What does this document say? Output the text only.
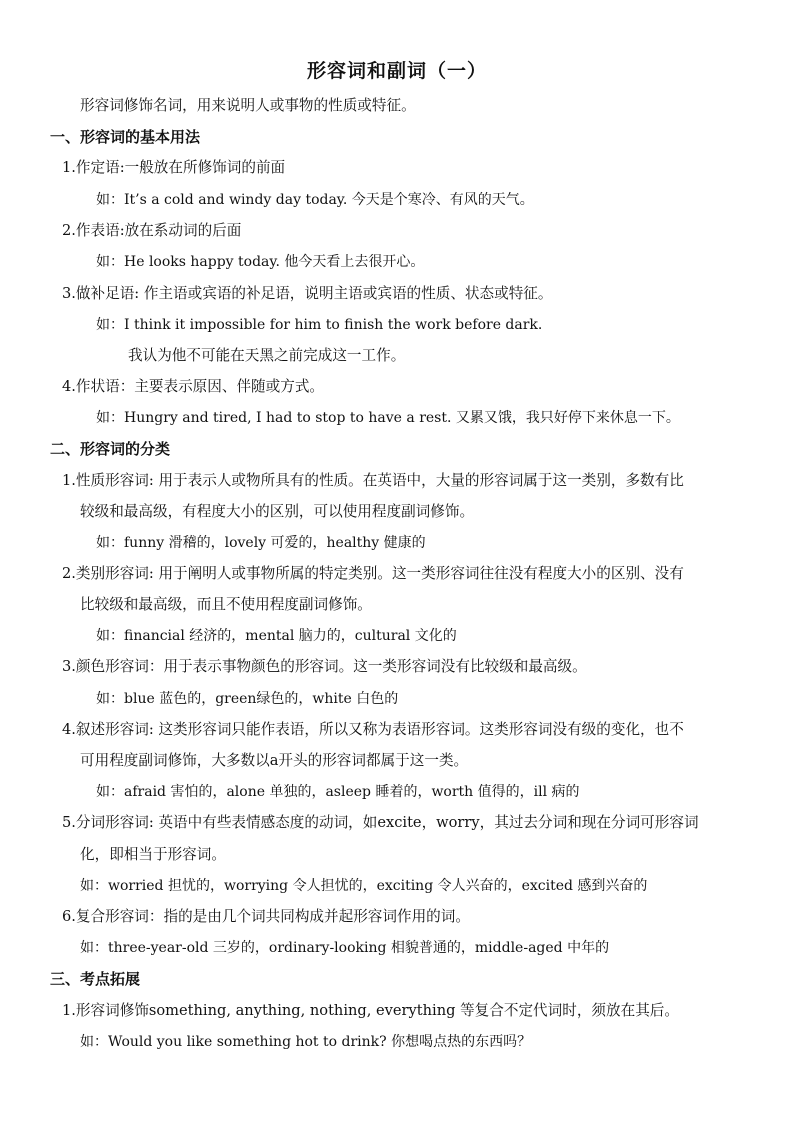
形容词和副词（一）
形容词修饰名词，用来说明人或事物的性质或特征。
一、形容词的基本用法
1.作定语:一般放在所修饰词的前面
如：It’s a cold and windy day today. 今天是个寒冷、有风的天气。
2.作表语:放在系动词的后面
如：He looks happy today. 他今天看上去很开心。
3.做补足语: 作主语或宾语的补足语，说明主语或宾语的性质、状态或特征。
如：I think it impossible for him to finish the work before dark.
我认为他不可能在天黑之前完成这一工作。
4.作状语：主要表示原因、伴随或方式。
如：Hungry and tired, I had to stop to have a rest. 又累又饿，我只好停下来休息一下。
二、形容词的分类
1.性质形容词: 用于表示人或物所具有的性质。在英语中，大量的形容词属于这一类别，多数有比
较级和最高级，有程度大小的区别，可以使用程度副词修饰。
如：funny 滑稽的，lovely 可爱的，healthy 健康的
2.类别形容词: 用于阐明人或事物所属的特定类别。这一类形容词往往没有程度大小的区别、没有
比较级和最高级，而且不使用程度副词修饰。
如：financial 经济的，mental 脑力的，cultural 文化的
3.颜色形容词：用于表示事物颜色的形容词。这一类形容词没有比较级和最高级。
如：blue 蓝色的，green绿色的，white 白色的
4.叙述形容词: 这类形容词只能作表语，所以又称为表语形容词。这类形容词没有级的变化，也不
可用程度副词修饰，大多数以a开头的形容词都属于这一类。
如：afraid 害怕的，alone 单独的，asleep 睡着的，worth 值得的，ill 病的
5.分词形容词: 英语中有些表情感态度的动词，如excite，worry，其过去分词和现在分词可形容词
化，即相当于形容词。
如：worried 担忧的，worrying 令人担忧的，exciting 令人兴奋的，excited 感到兴奋的
6.复合形容词：指的是由几个词共同构成并起形容词作用的词。
如：three-year-old 三岁的，ordinary-looking 相貌普通的，middle-aged 中年的
三、考点拓展
1.形容词修饰something, anything, nothing, everything 等复合不定代词时，须放在其后。
如：Would you like something hot to drink? 你想喝点热的东西吗？
